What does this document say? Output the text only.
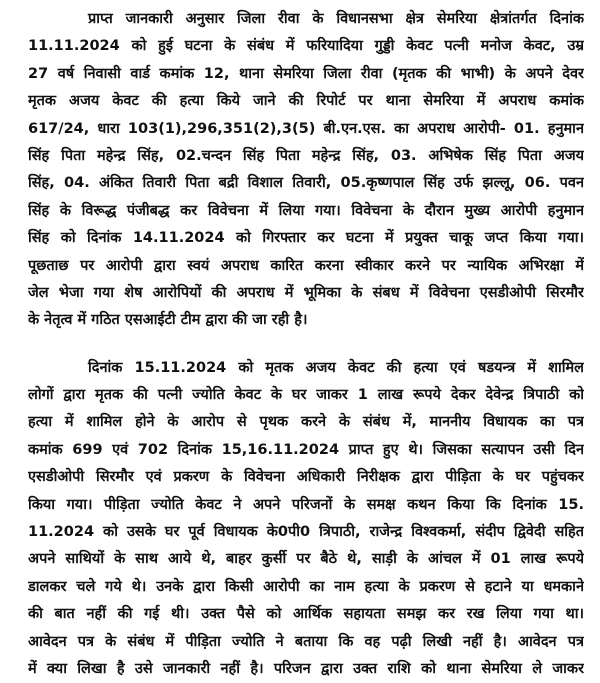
प्राप्त जानकारी अनुसार जिला रीवा के विधानसभा क्षेत्र सेमरिया क्षेत्रांतर्गत दिनांक
11.11.2024 को हुई घटना के संबंध में फरियादिया गुड्डी केवट पत्नी मनोज केवट, उम्र
27 वर्ष निवासी वार्ड कमांक 12, थाना सेमरिया जिला रीवा (मृतक की भाभी) के अपने देवर
मृतक अजय केवट की हत्या किये जाने की रिपोर्ट पर थाना सेमरिया में अपराध कमांक
617/24, धारा 103(1),296,351(2),3(5) बी.एन.एस. का अपराध आरोपी- 01. हनुमान
सिंह पिता महेन्द्र सिंह, 02.चन्दन सिंह पिता महेन्द्र सिंह, 03. अभिषेक सिंह पिता अजय
सिंह, 04. अंकित तिवारी पिता बद्री विशाल तिवारी, 05.कृष्णपाल सिंह उर्फ झल्लू, 06. पवन
सिंह के विरूद्ध पंजीबद्ध कर विवेचना में लिया गया। विवेचना के दौरान मुख्य आरोपी हनुमान
सिंह को दिनांक 14.11.2024 को गिरफ्तार कर घटना में प्रयुक्त चाकू जप्त किया गया।
पूछताछ पर आरोपी द्वारा स्वयं अपराध कारित करना स्वीकार करने पर न्यायिक अभिरक्षा में
जेल भेजा गया शेष आरोपियों की अपराध में भूमिका के संबध में विवेचना एसडीओपी सिरमौर
के नेतृत्व में गठित एसआईटी टीम द्वारा की जा रही है।
दिनांक 15.11.2024 को मृतक अजय केवट की हत्या एवं षडयन्त्र में शामिल
लोगों द्वारा मृतक की पत्नी ज्योति केवट के घर जाकर 1 लाख रूपये देकर देवेन्द्र त्रिपाठी को
हत्या में शामिल होने के आरोप से पृथक करने के संबंध में, माननीय विधायक का पत्र
कमांक 699 एवं 702 दिनांक 15,16.11.2024 प्राप्त हुए थे। जिसका सत्यापन उसी दिन
एसडीओपी सिरमौर एवं प्रकरण के विवेचना अधिकारी निरीक्षक द्वारा पीड़िता के घर पहुंचकर
किया गया। पीड़िता ज्योति केवट ने अपने परिजनों के समक्ष कथन किया कि दिनांक 15.
11.2024 को उसके घर पूर्व विधायक के0पी0 त्रिपाठी, राजेन्द्र विश्वकर्मा, संदीप द्विवेदी सहित
अपने साथियों के साथ आये थे, बाहर कुर्सी पर बैठे थे, साड़ी के आंचल में 01 लाख रूपये
डालकर चले गये थे। उनके द्वारा किसी आरोपी का नाम हत्या के प्रकरण से हटाने या धमकाने
की बात नहीं की गई थी। उक्त पैसे को आर्थिक सहायता समझ कर रख लिया गया था।
आवेदन पत्र के संबंध में पीड़िता ज्योति ने बताया कि वह पढ़ी लिखी नहीं है। आवेदन पत्र
में क्या लिखा है उसे जानकारी नहीं है। परिजन द्वारा उक्त राशि को थाना सेमरिया ले जाकर
